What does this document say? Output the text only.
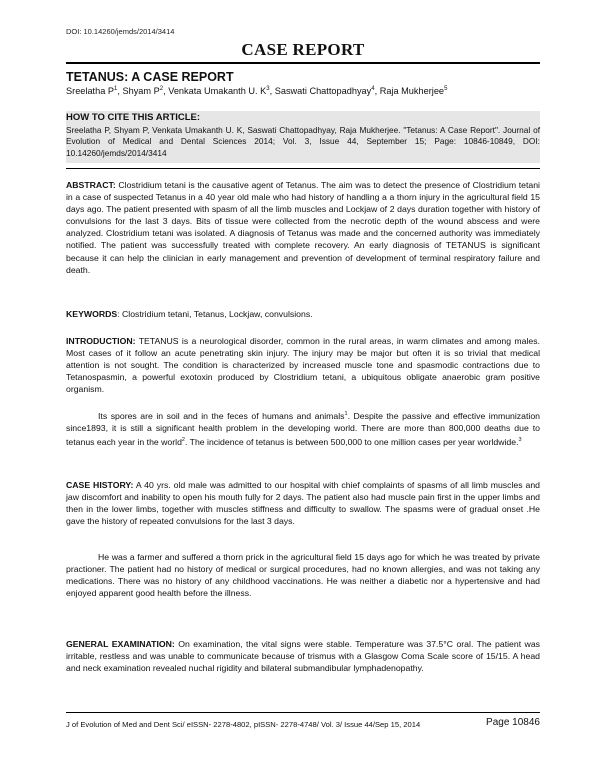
DOI: 10.14260/jemds/2014/3414
CASE REPORT
TETANUS: A CASE REPORT
Sreelatha $P^1$, Shyam $P^2$, Venkata Umakanth U. $K^3$, Saswati Chattopadhyay$^4$, Raja Mukherjee$^5$
HOW TO CITE THIS ARTICLE:
Sreelatha P, Shyam P, Venkata Umakanth U. K, Saswati Chattopadhyay, Raja Mukherjee. "Tetanus: A Case Report". Journal of Evolution of Medical and Dental Sciences 2014; Vol. 3, Issue 44, September 15; Page: 10846-10849, DOI: 10.14260/jemds/2014/3414
ABSTRACT: Clostridium tetani is the causative agent of Tetanus. The aim was to detect the presence of Clostridium tetani in a case of suspected Tetanus in a 40 year old male who had history of handling a a thorn injury in the agricultural field 15 days ago. The patient presented with spasm of all the limb muscles and Lockjaw of 2 days duration together with history of convulsions for the last 3 days. Bits of tissue were collected from the necrotic depth of the wound abscess and were analyzed. Clostridium tetani was isolated. A diagnosis of Tetanus was made and the concerned authority was immediately notified. The patient was successfully treated with complete recovery. An early diagnosis of TETANUS is significant because it can help the clinician in early management and prevention of development of terminal respiratory failure and death.
KEYWORDS: Clostridium tetani, Tetanus, Lockjaw, convulsions.
INTRODUCTION: TETANUS is a neurological disorder, common in the rural areas, in warm climates and among males. Most cases of it follow an acute penetrating skin injury. The injury may be major but often it is so trivial that medical attention is not sought. The condition is characterized by increased muscle tone and spasmodic contractions due to Tetanospasmin, a powerful exotoxin produced by Clostridium tetani, a ubiquitous obligate anaerobic gram positive organism.
Its spores are in soil and in the feces of humans and animals$^1$. Despite the passive and effective immunization since1893, it is still a significant health problem in the developing world. There are more than 800,000 deaths due to tetanus each year in the world$^2$. The incidence of tetanus is between 500,000 to one million cases per year worldwide.$^3$
CASE HISTORY: A 40 yrs. old male was admitted to our hospital with chief complaints of spasms of all limb muscles and jaw discomfort and inability to open his mouth fully for 2 days. The patient also had muscle pain first in the upper limbs and then in the lower limbs, together with muscles stiffness and difficulty to swallow. The spasms were of gradual onset .He gave the history of repeated convulsions for the last 3 days.
He was a farmer and suffered a thorn prick in the agricultural field 15 days ago for which he was treated by private practioner. The patient had no history of medical or surgical procedures, had no known allergies, and was not taking any medications. There was no history of any childhood vaccinations. He was neither a diabetic nor a hypertensive and had enjoyed apparent good health before the illness.
GENERAL EXAMINATION: On examination, the vital signs were stable. Temperature was 37.5°C oral. The patient was irritable, restless and was unable to communicate because of trismus with a Glasgow Coma Scale score of 15/15. A head and neck examination revealed nuchal rigidity and bilateral submandibular lymphadenopathy.
J of Evolution of Med and Dent Sci/ eISSN- 2278-4802, pISSN- 2278-4748/ Vol. 3/ Issue 44/Sep 15, 2014	Page 10846
